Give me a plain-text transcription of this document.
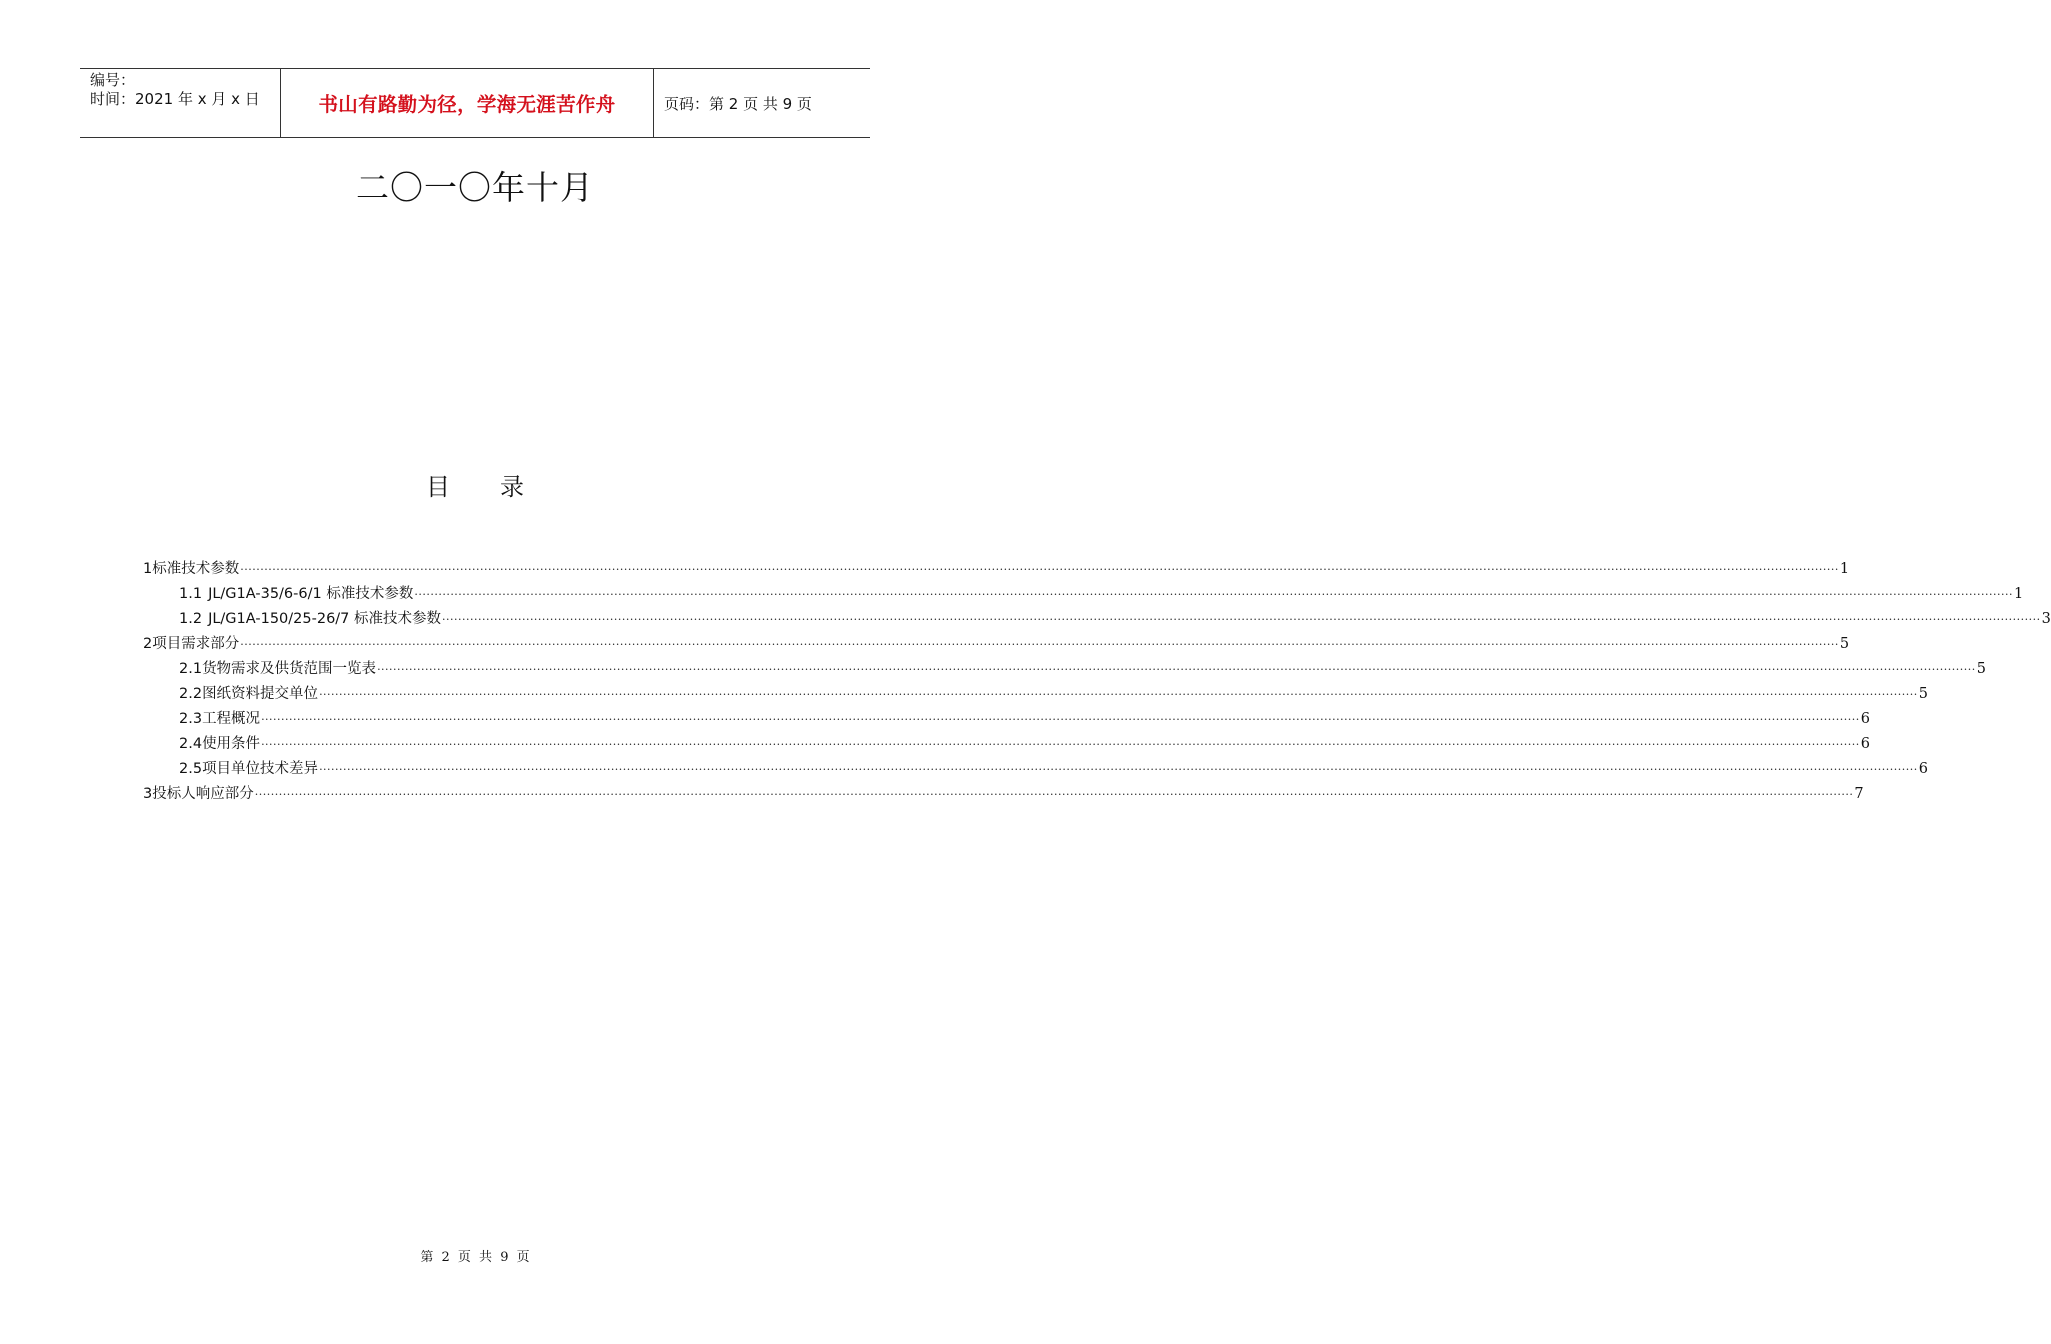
编号：
时间：2021 年 x 月 x 日	书山有路勤为径，学海无涯苦作舟	页码：第 2 页 共 9 页
二〇一〇年十月
目 录
1 标准技术参数 ················································································································································································································································································································································································································ 1
1.1 JL/G1A-35/6-6/1 标准技术参数 ················································································································································································································································································································································································································ 1
1.2 JL/G1A-150/25-26/7 标准技术参数 ················································································································································································································································································································································································································ 3
2 项目需求部分 ················································································································································································································································································································································································································ 5
2.1 货物需求及供货范围一览表 ················································································································································································································································································································································································································ 5
2.2 图纸资料提交单位 ················································································································································································································································································································································································································ 5
2.3 工程概况 ················································································································································································································································································································································································································ 6
2.4 使用条件 ················································································································································································································································································································································································································ 6
2.5 项目单位技术差异 ················································································································································································································································································································································································································ 6
3 投标人响应部分 ················································································································································································································································································································································································································ 7
第 2 页 共 9 页
